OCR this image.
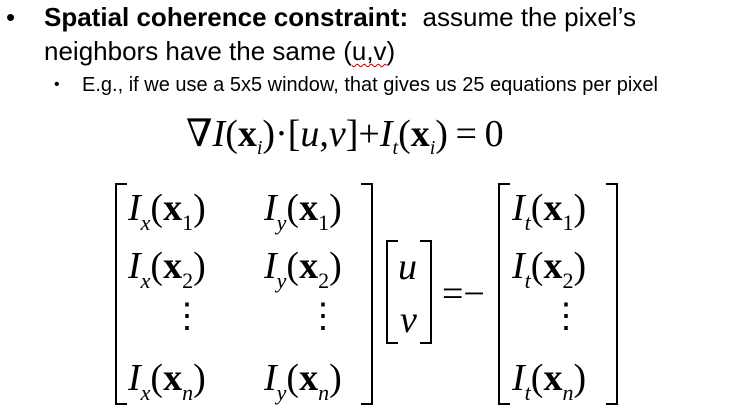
• Spatial coherence constraint:  assume the pixel’s
neighbors have the same (u,v)
• E.g., if we use a 5x5 window, that gives us 25 equations per pixel
$\nabla I(x_i)\cdot[u,v]+I_t(x_i) = 0$
$I_x(x_1)$ $I_y(x_1)$
$I_x(x_2)$ $I_y(x_2)$
⋮	⋮
$I_x(x_n)$ $I_y(x_n)$
u
v
=−
$I_t(x_1)$
$I_t(x_2)$
⋮
$I_t(x_n)$
